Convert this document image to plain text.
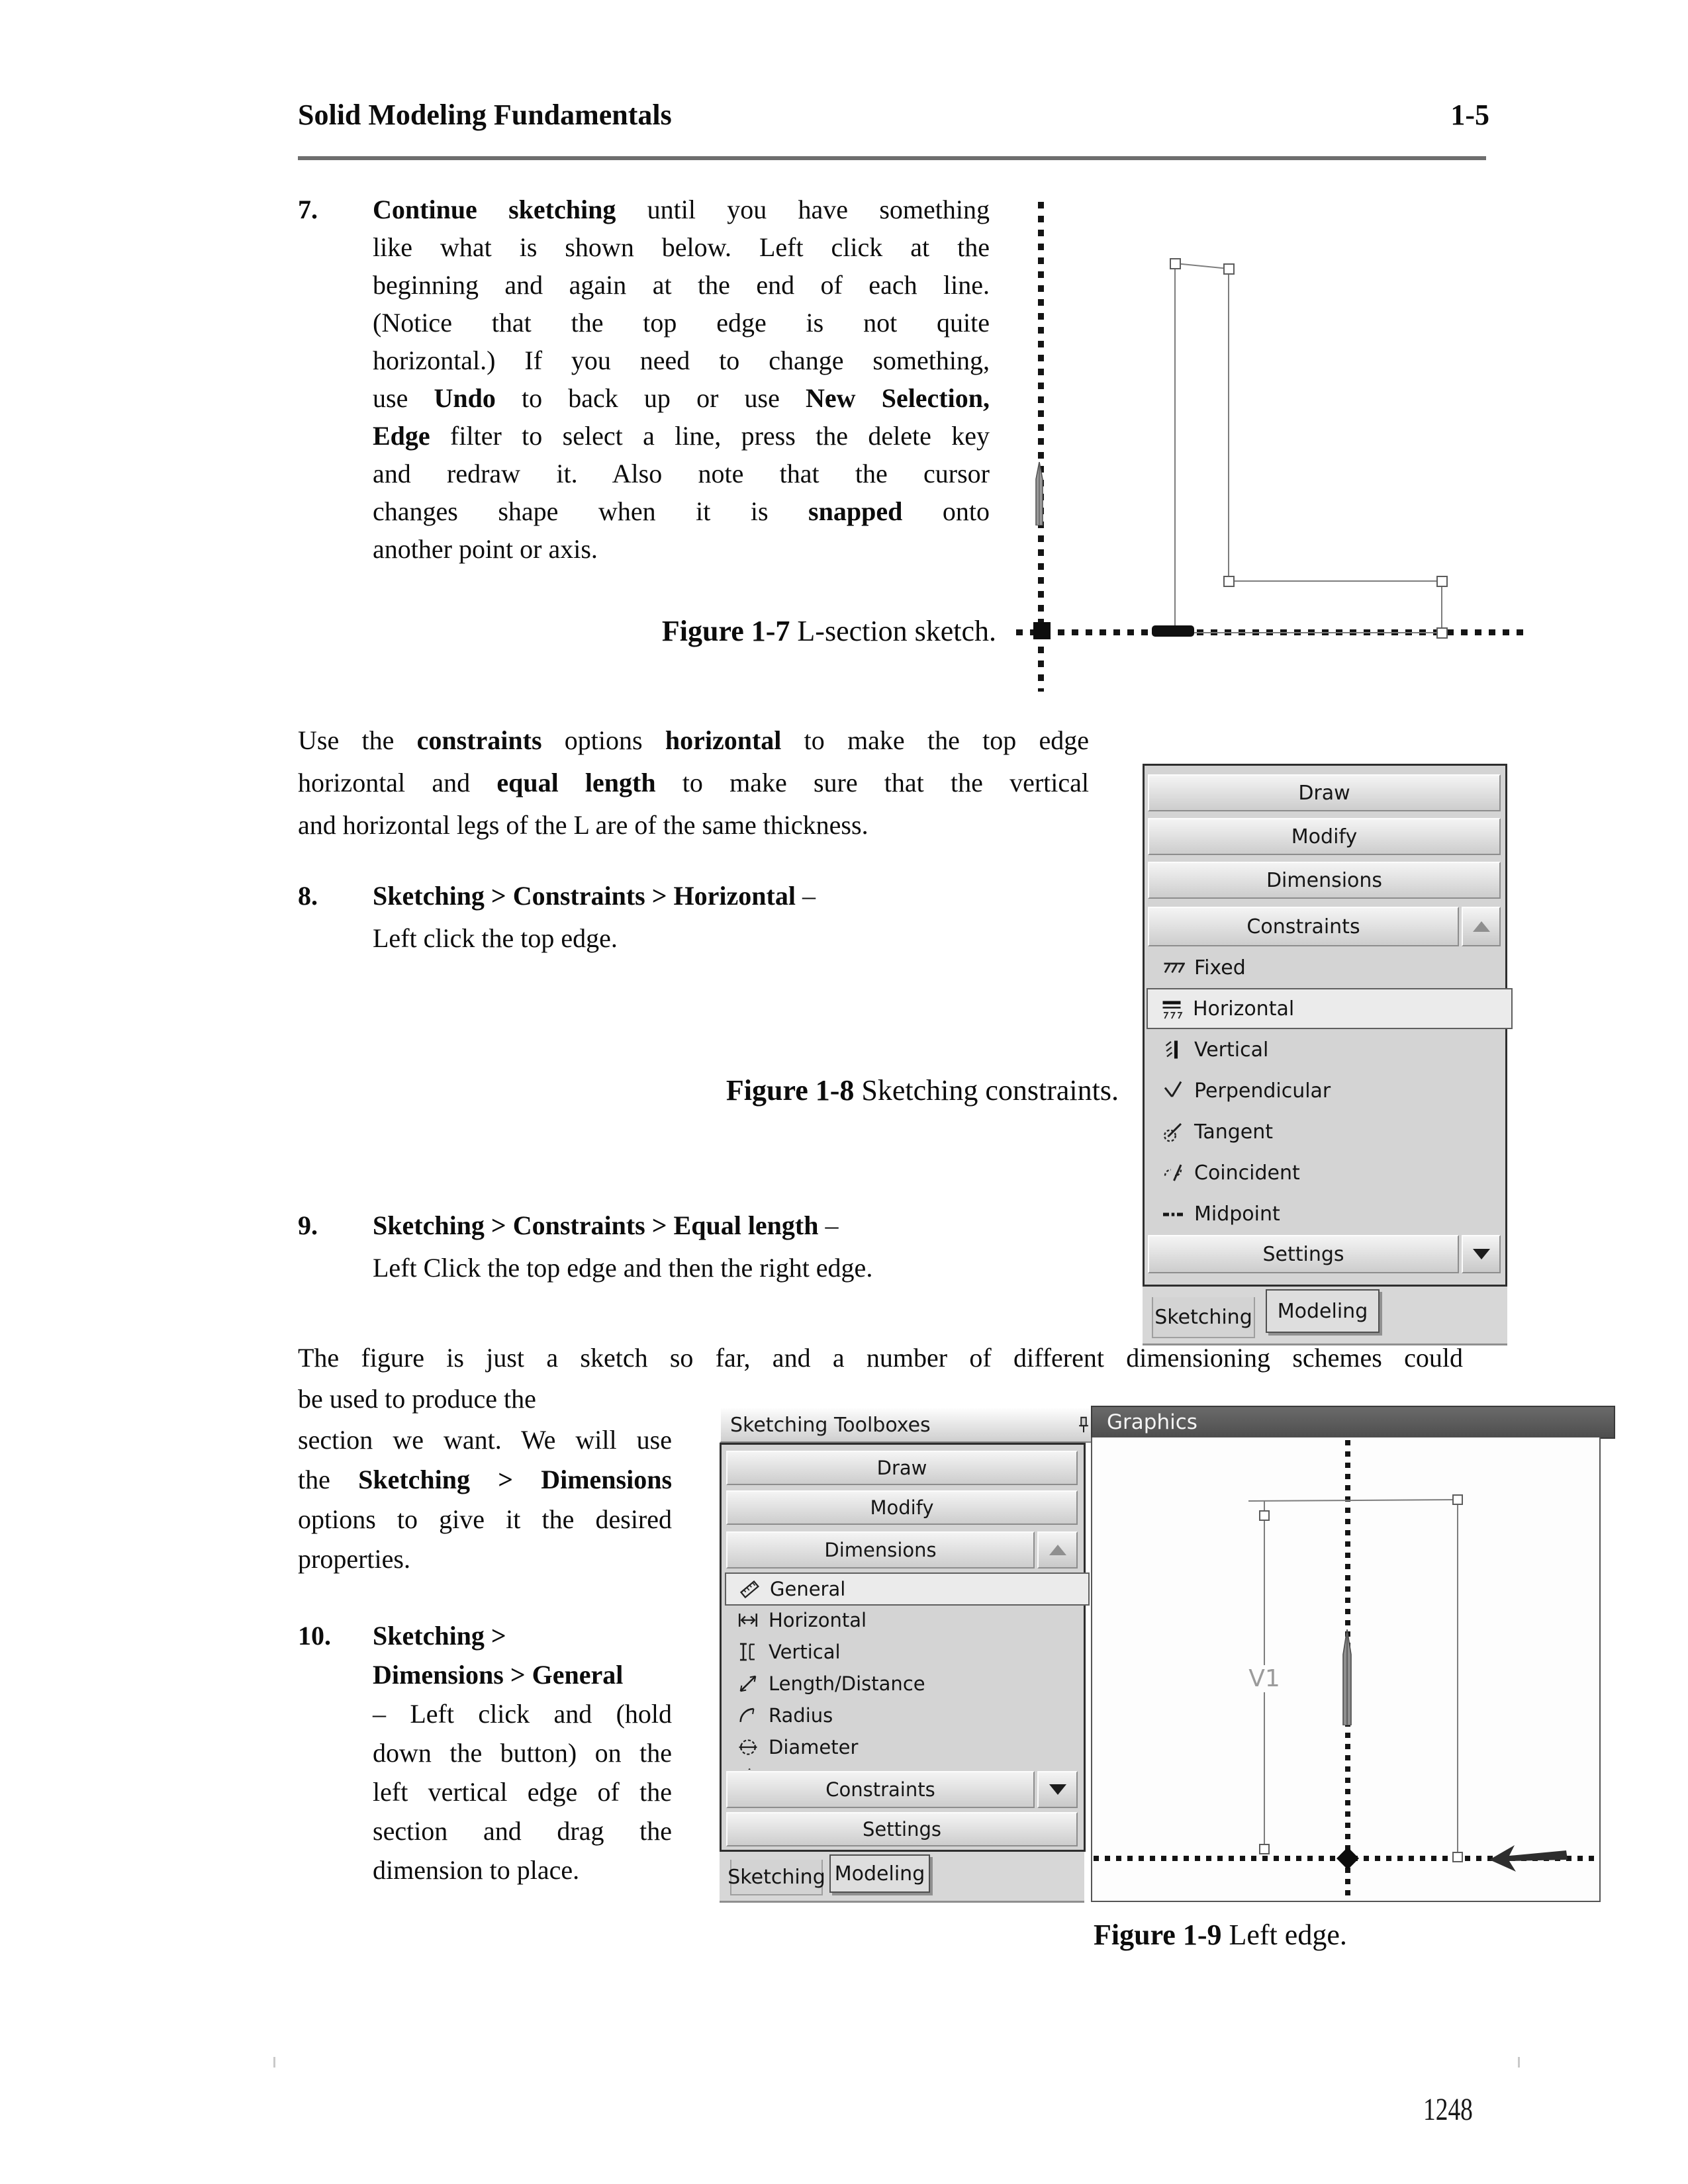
Solid Modeling Fundamentals	1-5
7. Continue sketching until you have something
like what is shown below. Left click at the
beginning and again at the end of each line.
(Notice that the top edge is not quite
horizontal.) If you need to change something,
use Undo to back up or use New Selection,
Edge filter to select a line, press the delete key
and redraw it. Also note that the cursor
changes shape when it is snapped onto
another point or axis.
Figure 1-7 L-section sketch.
Use the constraints options horizontal to make the top edge
horizontal and equal length to make sure that the vertical
and horizontal legs of the L are of the same thickness.
8. Sketching > Constraints > Horizontal –
Left click the top edge.
Draw
Modify
Dimensions
Constraints
Fixed
Horizontal
Vertical
Perpendicular
Tangent
Coincident
Midpoint
Settings
Sketching Modeling
Figure 1-8 Sketching constraints.
9. Sketching > Constraints > Equal length –
Left Click the top edge and then the right edge.
The figure is just a sketch so far, and a number of different dimensioning schemes could
be used to produce the
section we want. We will use
the Sketching > Dimensions
options to give it the desired
properties.
10. Sketching >
Dimensions > General
– Left click and (hold
down the button) on the
left vertical edge of the
section and drag the
dimension to place.
Sketching Toolboxes
Draw
Modify
Dimensions
General
Horizontal
Vertical
Length/Distance
Radius
Diameter
Constraints
Settings
Sketching Modeling
Graphics
V1
Figure 1-9 Left edge.
1248
